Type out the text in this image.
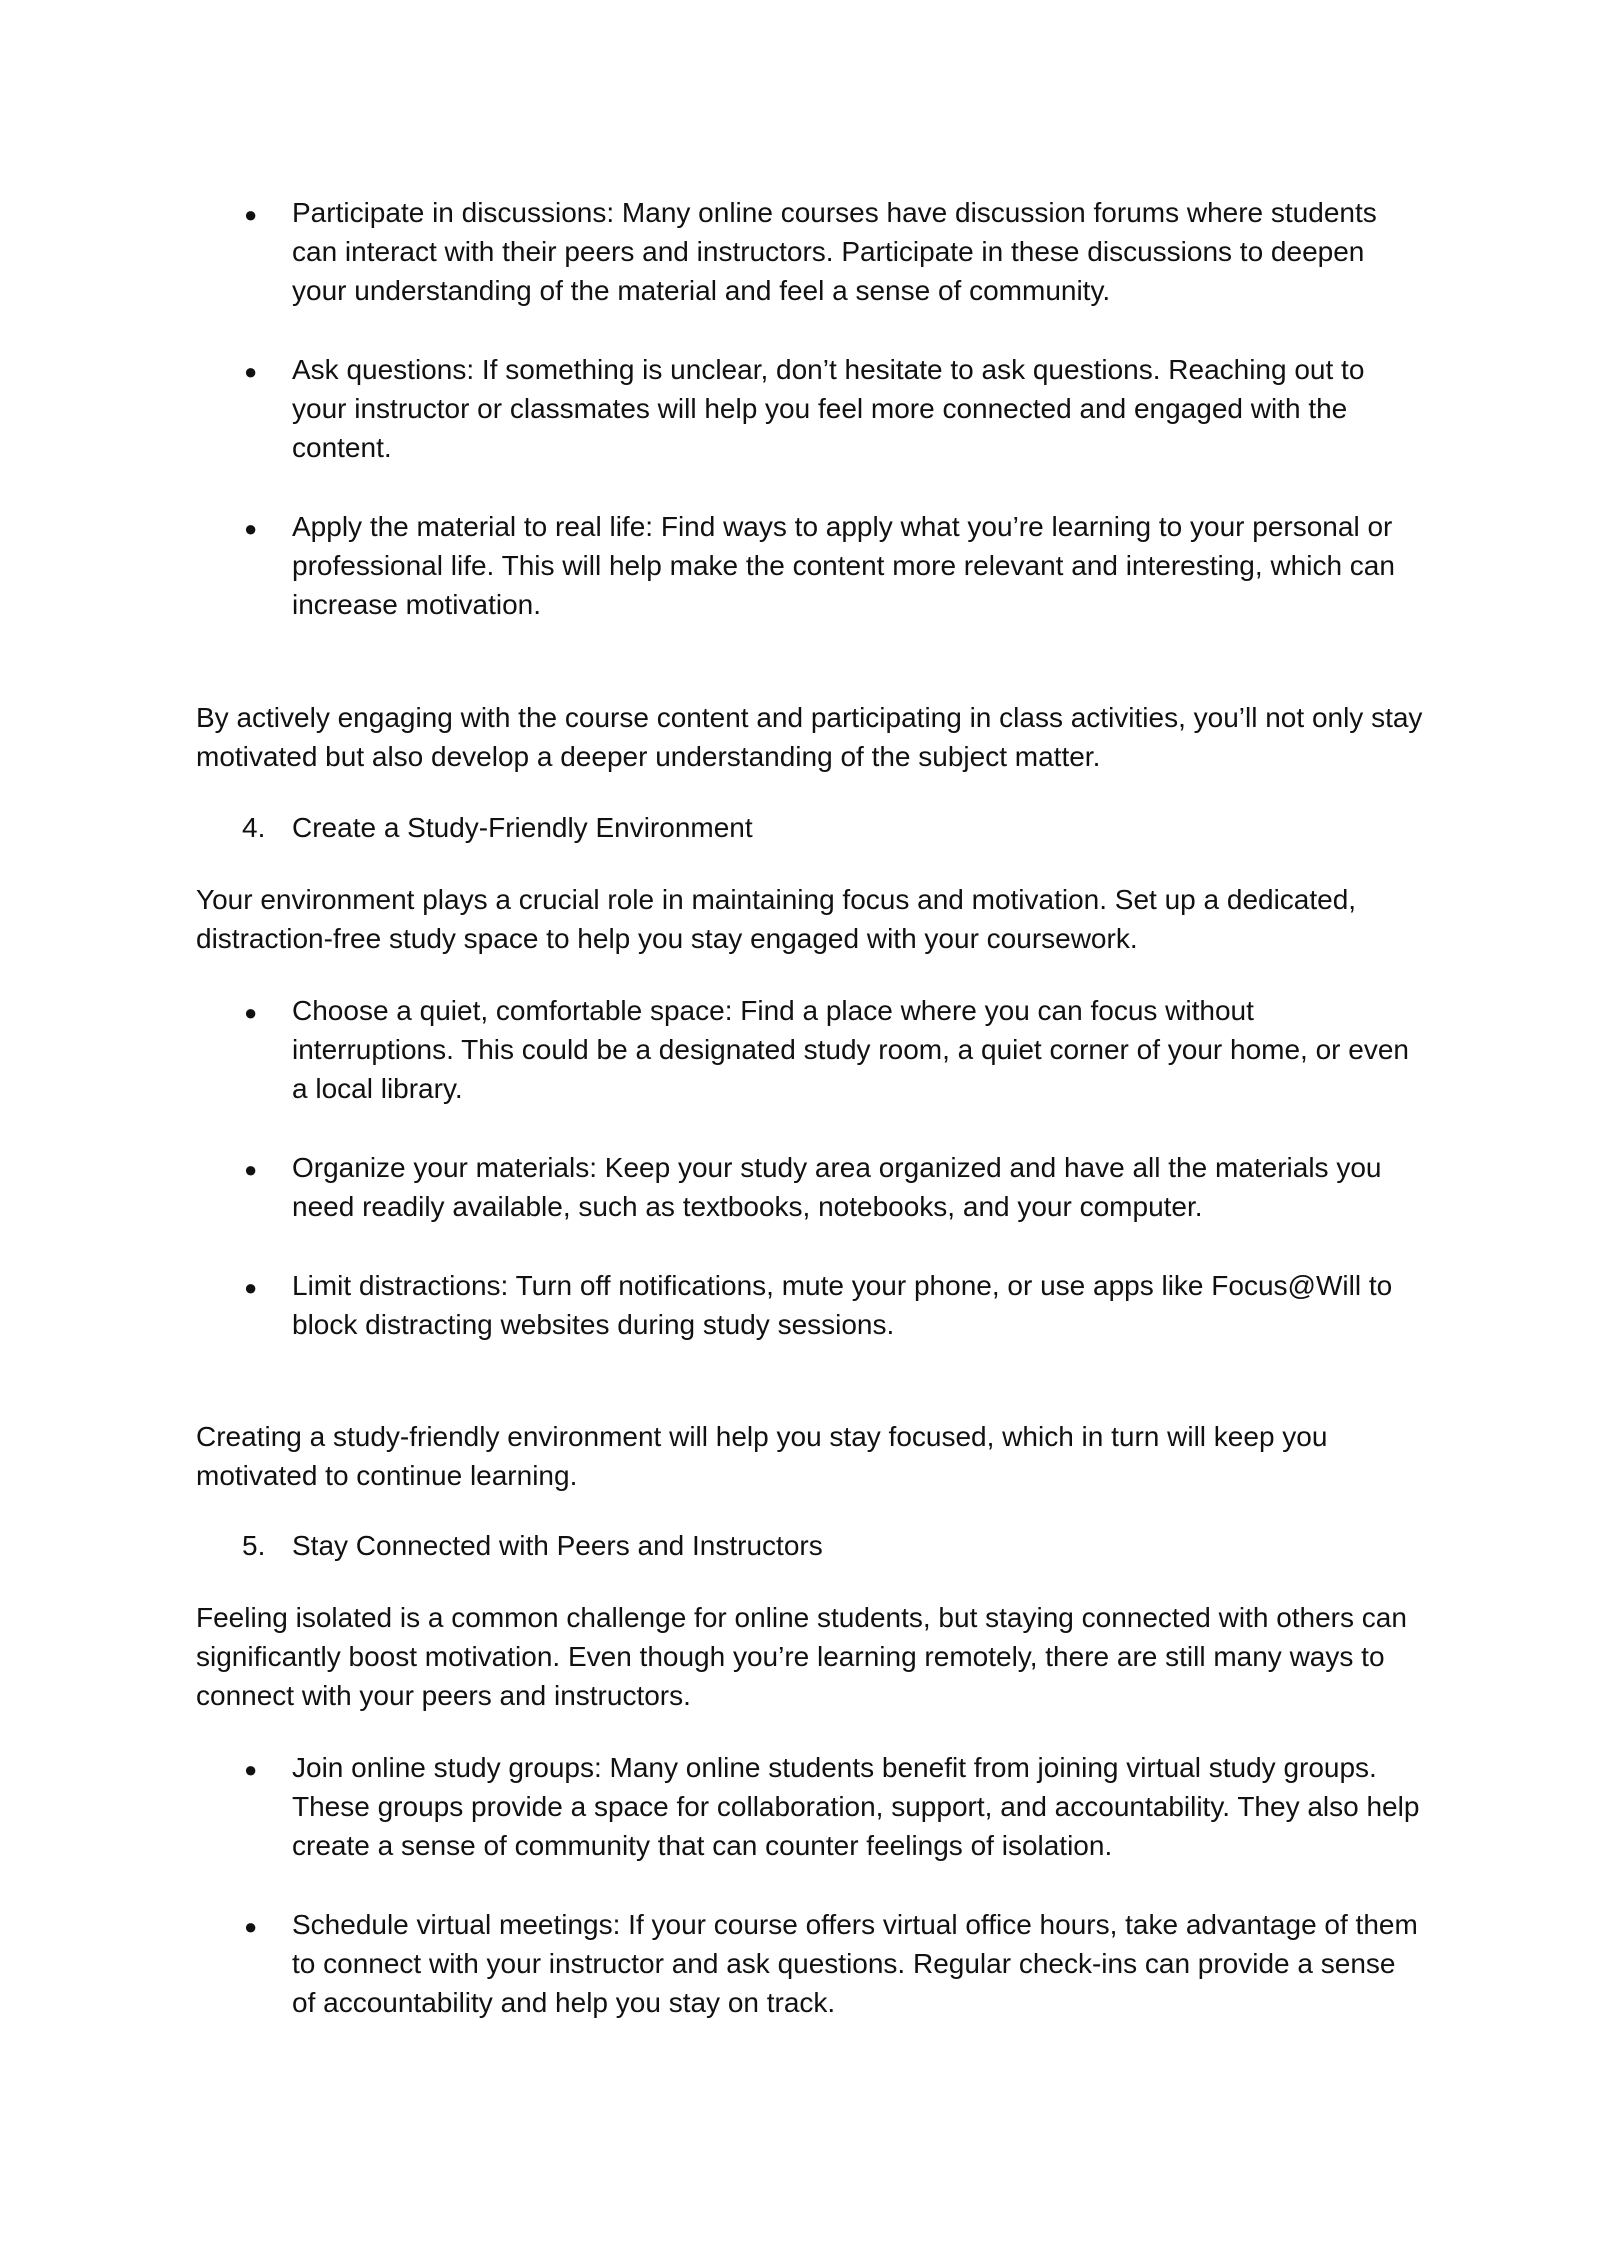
● Participate in discussions: Many online courses have discussion forums where students can interact with their peers and instructors. Participate in these discussions to deepen your understanding of the material and feel a sense of community.
● Ask questions: If something is unclear, don’t hesitate to ask questions. Reaching out to your instructor or classmates will help you feel more connected and engaged with the content.
● Apply the material to real life: Find ways to apply what you’re learning to your personal or professional life. This will help make the content more relevant and interesting, which can increase motivation.

By actively engaging with the course content and participating in class activities, you’ll not only stay motivated but also develop a deeper understanding of the subject matter.

4. Create a Study-Friendly Environment

Your environment plays a crucial role in maintaining focus and motivation. Set up a dedicated, distraction-free study space to help you stay engaged with your coursework.

● Choose a quiet, comfortable space: Find a place where you can focus without interruptions. This could be a designated study room, a quiet corner of your home, or even a local library.
● Organize your materials: Keep your study area organized and have all the materials you need readily available, such as textbooks, notebooks, and your computer.
● Limit distractions: Turn off notifications, mute your phone, or use apps like Focus@Will to block distracting websites during study sessions.

Creating a study-friendly environment will help you stay focused, which in turn will keep you motivated to continue learning.

5. Stay Connected with Peers and Instructors

Feeling isolated is a common challenge for online students, but staying connected with others can significantly boost motivation. Even though you’re learning remotely, there are still many ways to connect with your peers and instructors.

● Join online study groups: Many online students benefit from joining virtual study groups. These groups provide a space for collaboration, support, and accountability. They also help create a sense of community that can counter feelings of isolation.
● Schedule virtual meetings: If your course offers virtual office hours, take advantage of them to connect with your instructor and ask questions. Regular check-ins can provide a sense of accountability and help you stay on track.
